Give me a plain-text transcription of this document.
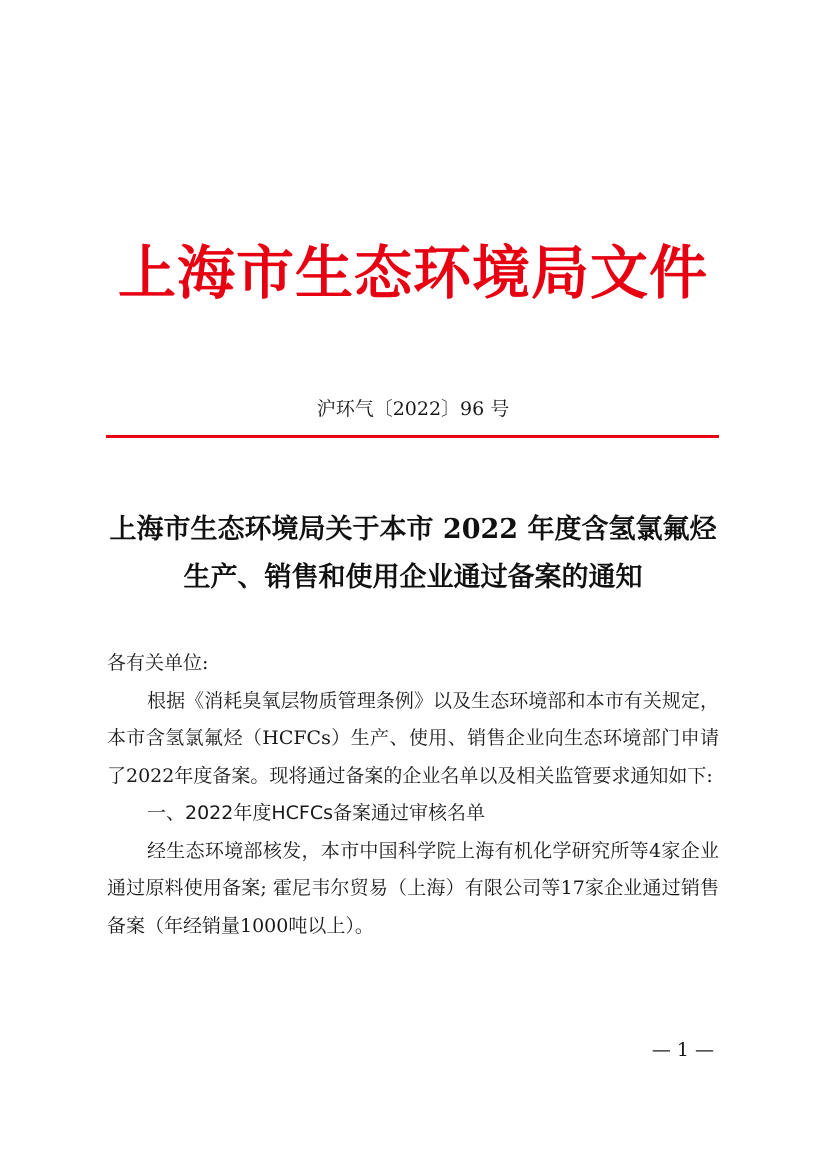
上海市生态环境局文件
沪环气〔2022〕96 号
上海市生态环境局关于本市 2022 年度含氢氯氟烃
生产、销售和使用企业通过备案的通知

各有关单位:

根据《消耗臭氧层物质管理条例》以及生态环境部和本市有关规定，本市含氢氯氟烃（HCFCs）生产、使用、销售企业向生态环境部门申请了2022年度备案。现将通过备案的企业名单以及相关监管要求通知如下:

一、2022年度HCFCs备案通过审核名单

经生态环境部核发，本市中国科学院上海有机化学研究所等4家企业通过原料使用备案; 霍尼韦尔贸易（上海）有限公司等17家企业通过销售备案（年经销量1000吨以上）。

— 1 —
